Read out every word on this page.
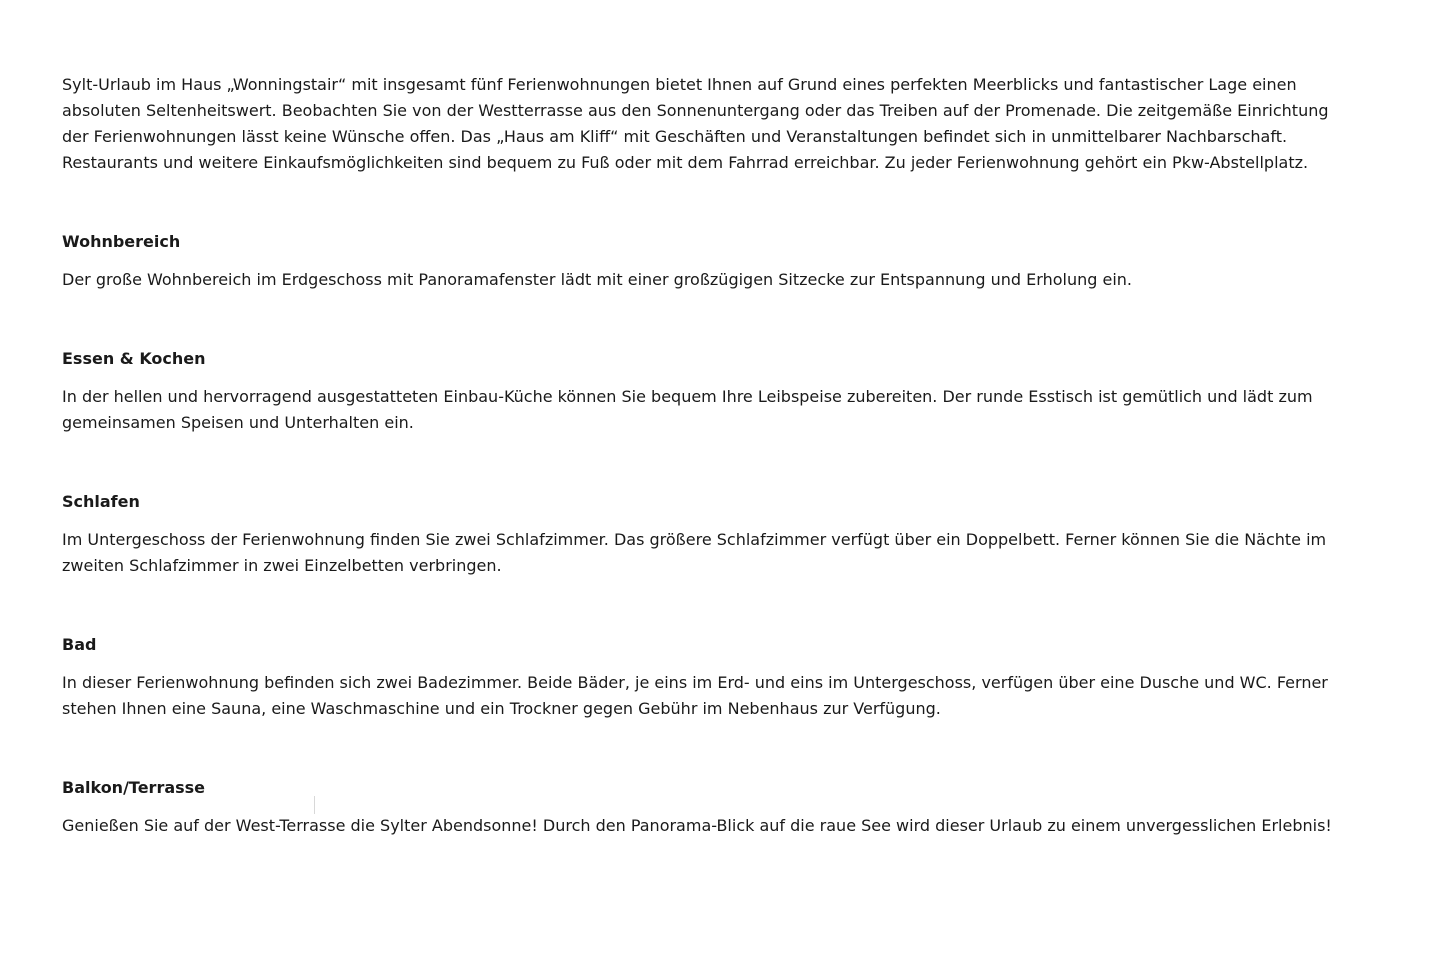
Sylt-Urlaub im Haus „Wonningstair“ mit insgesamt fünf Ferienwohnungen bietet Ihnen auf Grund eines perfekten Meerblicks und fantastischer Lage einen absoluten Seltenheitswert. Beobachten Sie von der Westterrasse aus den Sonnenuntergang oder das Treiben auf der Promenade. Die zeitgemäße Einrichtung der Ferienwohnungen lässt keine Wünsche offen. Das „Haus am Kliff“ mit Geschäften und Veranstaltungen befindet sich in unmittelbarer Nachbarschaft. Restaurants und weitere Einkaufsmöglichkeiten sind bequem zu Fuß oder mit dem Fahrrad erreichbar. Zu jeder Ferienwohnung gehört ein Pkw-Abstellplatz.

Wohnbereich

Der große Wohnbereich im Erdgeschoss mit Panoramafenster lädt mit einer großzügigen Sitzecke zur Entspannung und Erholung ein.

Essen & Kochen

In der hellen und hervorragend ausgestatteten Einbau-Küche können Sie bequem Ihre Leibspeise zubereiten. Der runde Esstisch ist gemütlich und lädt zum gemeinsamen Speisen und Unterhalten ein.

Schlafen

Im Untergeschoss der Ferienwohnung finden Sie zwei Schlafzimmer. Das größere Schlafzimmer verfügt über ein Doppelbett. Ferner können Sie die Nächte im zweiten Schlafzimmer in zwei Einzelbetten verbringen.

Bad

In dieser Ferienwohnung befinden sich zwei Badezimmer. Beide Bäder, je eins im Erd- und eins im Untergeschoss, verfügen über eine Dusche und WC. Ferner stehen Ihnen eine Sauna, eine Waschmaschine und ein Trockner gegen Gebühr im Nebenhaus zur Verfügung.

Balkon/Terrasse

Genießen Sie auf der West-Terrasse die Sylter Abendsonne! Durch den Panorama-Blick auf die raue See wird dieser Urlaub zu einem unvergesslichen Erlebnis!
